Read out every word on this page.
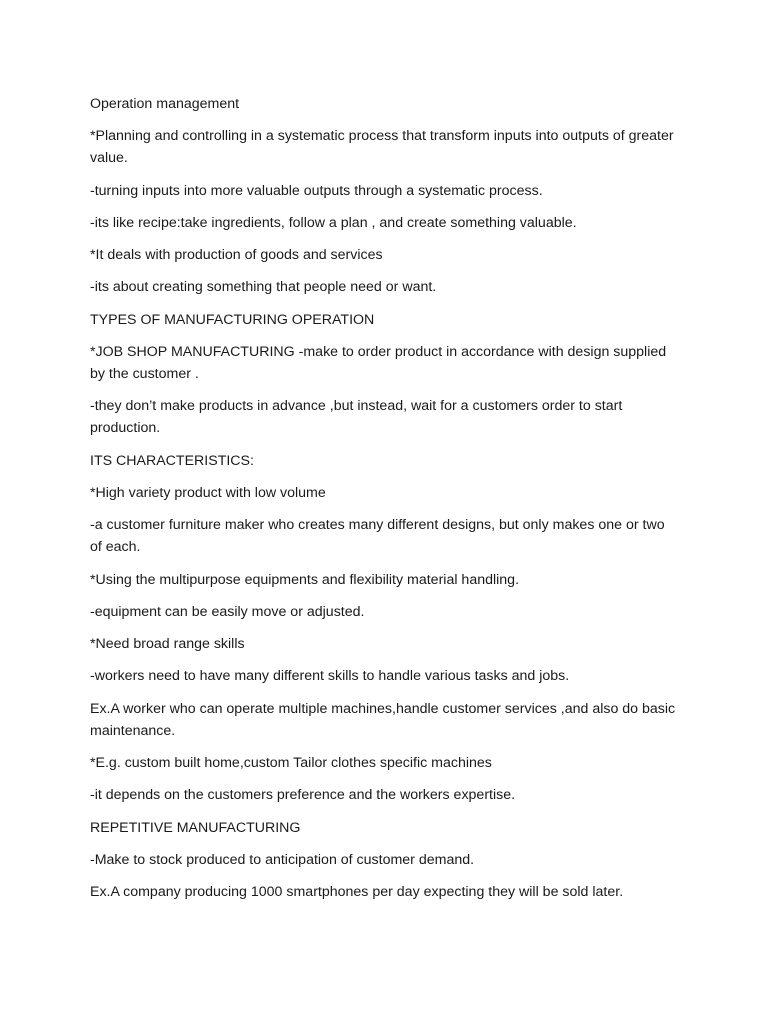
Operation management

*Planning and controlling in a systematic process that transform inputs into outputs of greater value.

-turning inputs into more valuable outputs through a systematic process.

-its like recipe:take ingredients, follow a plan , and create something valuable.

*It deals with production of goods and services

-its about creating something that people need or want.

TYPES OF MANUFACTURING OPERATION

*JOB SHOP MANUFACTURING -make to order product in accordance with design supplied by the customer .

-they don’t make products in advance ,but instead, wait for a customers order to start production.

ITS CHARACTERISTICS:

*High variety product with low volume

-a customer furniture maker who creates many different designs, but only makes one or two of each.

*Using the multipurpose equipments and flexibility material handling.

-equipment can be easily move or adjusted.

*Need broad range skills

-workers need to have many different skills to handle various tasks and jobs.

Ex.A worker who can operate multiple machines,handle customer services ,and also do basic maintenance.

*E.g. custom built home,custom Tailor clothes specific machines

-it depends on the customers preference and the workers expertise.

REPETITIVE MANUFACTURING

-Make to stock produced to anticipation of customer demand.

Ex.A company producing 1000 smartphones per day expecting they will be sold later.
